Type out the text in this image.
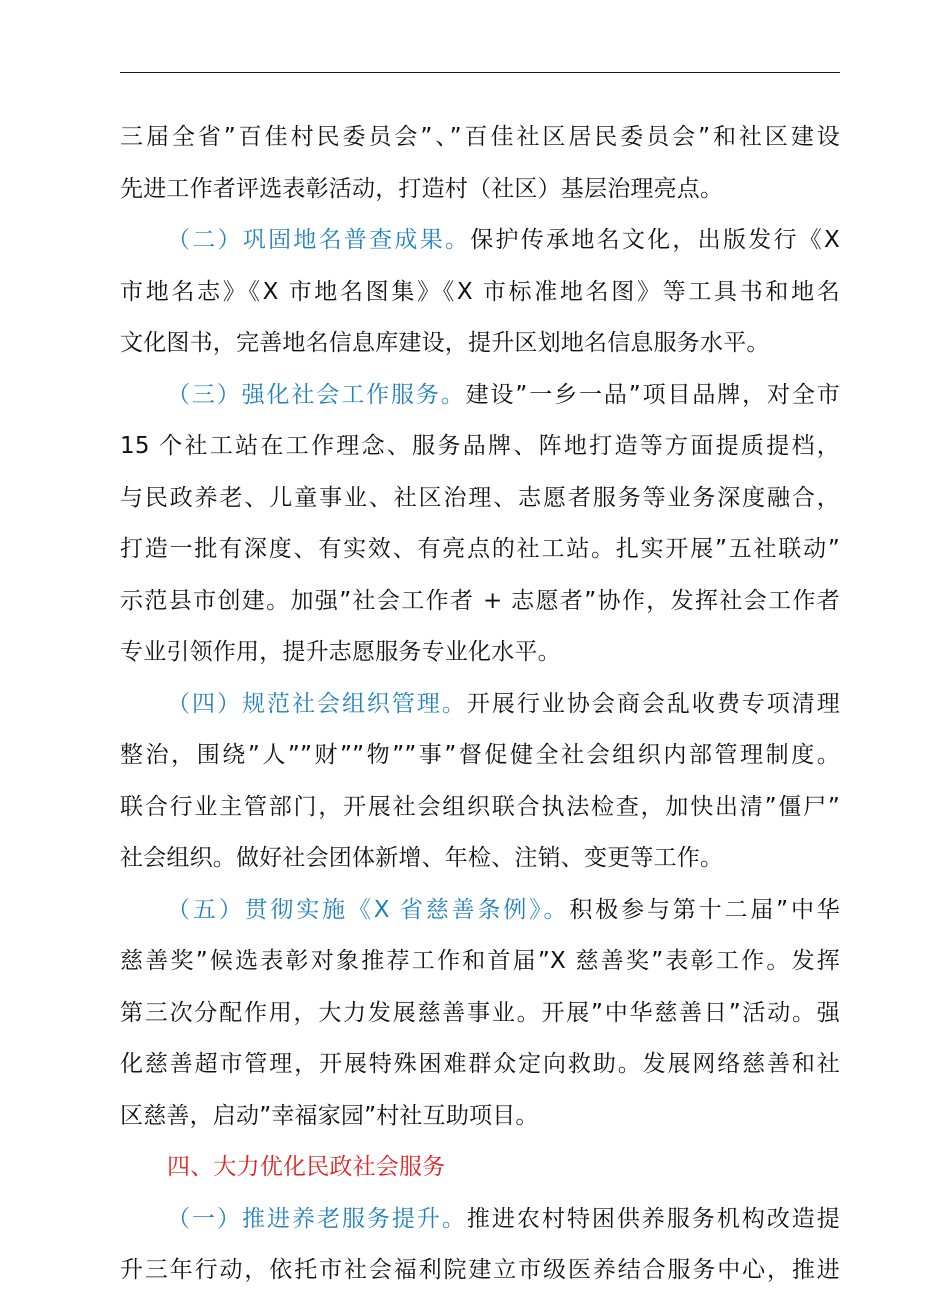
三届全省”百佳村民委员会”、”百佳社区居民委员会”和社区建设
先进工作者评选表彰活动，打造村（社区）基层治理亮点。
（二）巩固地名普查成果。保护传承地名文化，出版发行《X
市地名志》《X 市地名图集》《X 市标准地名图》等工具书和地名
文化图书，完善地名信息库建设，提升区划地名信息服务水平。
（三）强化社会工作服务。建设”一乡一品”项目品牌，对全市
15 个社工站在工作理念、服务品牌、阵地打造等方面提质提档，
与民政养老、儿童事业、社区治理、志愿者服务等业务深度融合，
打造一批有深度、有实效、有亮点的社工站。扎实开展”五社联动”
示范县市创建。加强”社会工作者 + 志愿者”协作，发挥社会工作者
专业引领作用，提升志愿服务专业化水平。
（四）规范社会组织管理。开展行业协会商会乱收费专项清理
整治，围绕”人””财””物””事”督促健全社会组织内部管理制度。
联合行业主管部门，开展社会组织联合执法检查，加快出清”僵尸”
社会组织。做好社会团体新增、年检、注销、变更等工作。
（五）贯彻实施《X 省慈善条例》。积极参与第十二届”中华
慈善奖”候选表彰对象推荐工作和首届”X 慈善奖”表彰工作。发挥
第三次分配作用，大力发展慈善事业。开展”中华慈善日”活动。强
化慈善超市管理，开展特殊困难群众定向救助。发展网络慈善和社
区慈善，启动”幸福家园”村社互助项目。
四、大力优化民政社会服务
（一）推进养老服务提升。推进农村特困供养服务机构改造提
升三年行动，依托市社会福利院建立市级医养结合服务中心，推进
